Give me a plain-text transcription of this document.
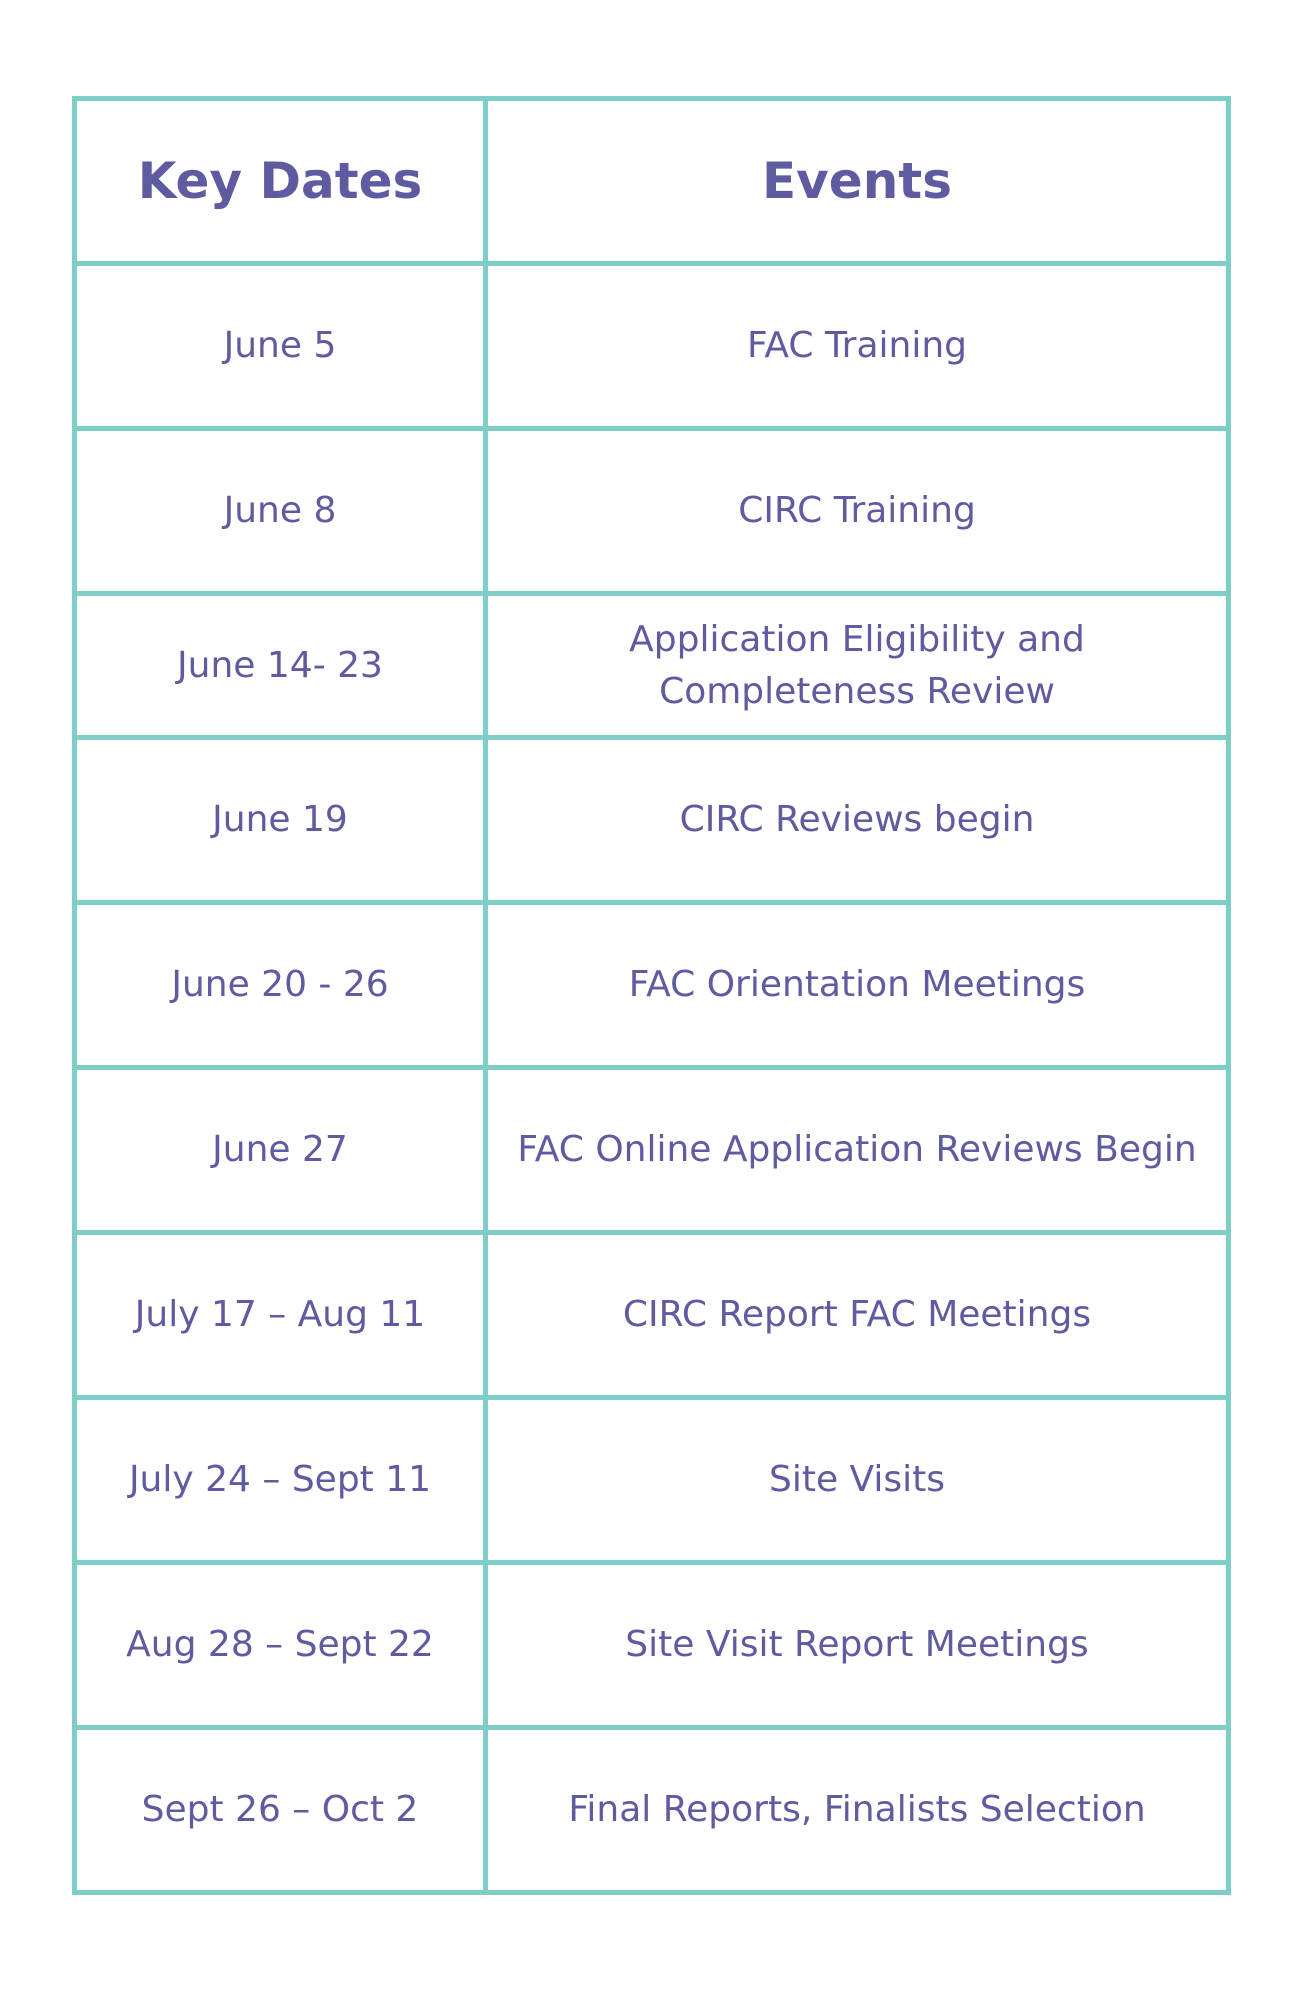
Key Dates	Events
June 5	FAC Training
June 8	CIRC Training
June 14- 23	Application Eligibility and Completeness Review
June 19	CIRC Reviews begin
June 20 - 26	FAC Orientation Meetings
June 27	FAC Online Application Reviews Begin
July 17 – Aug 11	CIRC Report FAC Meetings
July 24 – Sept 11	Site Visits
Aug 28 – Sept 22	Site Visit Report Meetings
Sept 26 – Oct 2	Final Reports, Finalists Selection
